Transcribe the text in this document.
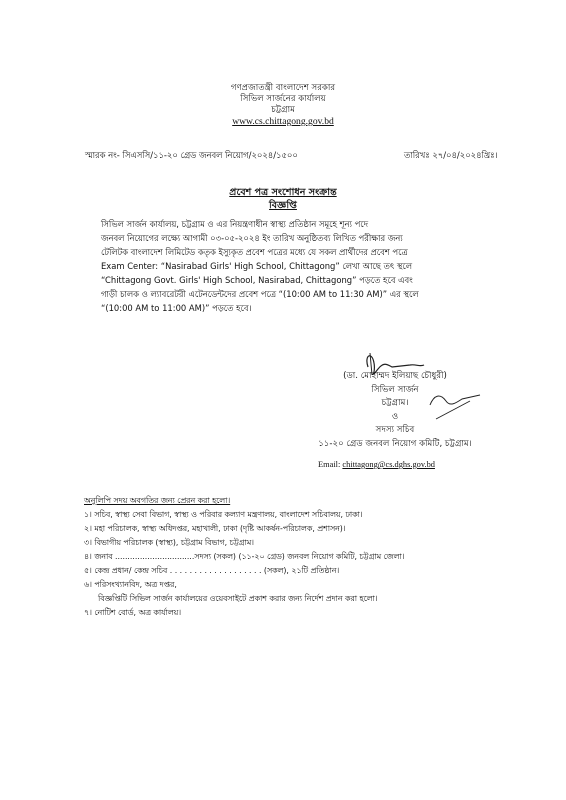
গণপ্রজাতন্ত্রী বাংলাদেশ সরকার
সিভিল সার্জনের কার্যালয়
চট্টগ্রাম
www.cs.chittagong.gov.bd
স্মারক নং- সিএসসি/১১-২০ গ্রেড জনবল নিয়োগ/২০২৪/১৫০০	তারিখঃ ২৭/০৪/২০২৪খ্রিঃ।
প্রবেশ পত্র সংশোধন সংক্রান্ত
বিজ্ঞপ্তি
সিভিল সার্জন কার্যালয়, চট্টগ্রাম ও এর নিয়ন্ত্রণাধীন স্বাস্থ্য প্রতিষ্ঠান সমূহে শূন্য পদে
জনবল নিয়োগের লক্ষ্যে আগামী ০৩-০৫-২০২৪ ইং তারিখ অনুষ্ঠিতব্য লিখিত পরীক্ষার জন্য
টেলিটক বাংলাদেশ লিমিটেড কতৃক ইস্যুকৃত প্রবেশ পত্রের মধ্যে যে সকল প্রার্থীদের প্রবেশ পত্রে
Exam Center: “Nasirabad Girls' High School, Chittagong” লেখা আছে তৎ স্থলে
“Chittagong Govt. Girls' High School, Nasirabad, Chittagong” পড়তে হবে এবং
গাড়ী চালক ও ল্যাবরেটরী এটেনডেন্টদের প্রবেশ পত্রে “(10:00 AM to 11:30 AM)” এর স্থলে
“(10:00 AM to 11:00 AM)” পড়তে হবে।
(ডা. মোহাম্মদ ইলিয়াছ চৌধুরী)
সিভিল সার্জন
চট্টগ্রাম।
ও
সদস্য সচিব
১১-২০ গ্রেড জনবল নিয়োগ কমিটি, চট্টগ্রাম।
Email: chittagong@cs.dghs.gov.bd
অনুলিপি সদয় অবগতির জন্য প্রেরন করা হলো।
১। সচিব, স্বাস্থ্য সেবা বিভাগ, স্বাস্থ্য ও পরিবার কল্যাণ মন্ত্রণালয়, বাংলাদেশ সচিবালয়, ঢাকা।
২। মহা পরিচালক, স্বাস্থ্য অধিদপ্তর, মহাখালী, ঢাকা (দৃষ্টি আকর্ষন-পরিচালক, প্রশাসন)।
৩। বিভাগীয় পরিচালক (স্বাস্থ্য), চট্টগ্রাম বিভাগ, চট্টগ্রাম।
৪। জনাব ................................সদস্য (সকল) (১১-২০ গ্রেড) জনবল নিয়োগ কমিটি, চট্টগ্রাম জেলা।
৫। কেন্দ্র প্রধান/ কেন্দ্র সচিব . . . . . . . . . . . . . . . . . . . (সকল), ২১টি প্রতিষ্ঠান।
৬। পরিসংখ্যানবিদ, অত্র দপ্তর,
বিজ্ঞপ্তিটি সিভিল সার্জন কার্যালয়ের ওয়েবসাইটে প্রকাশ করার জন্য নির্দেশ প্রদান করা হলো।
৭। নোটিশ বোর্ড, অত্র কার্যালয়।
